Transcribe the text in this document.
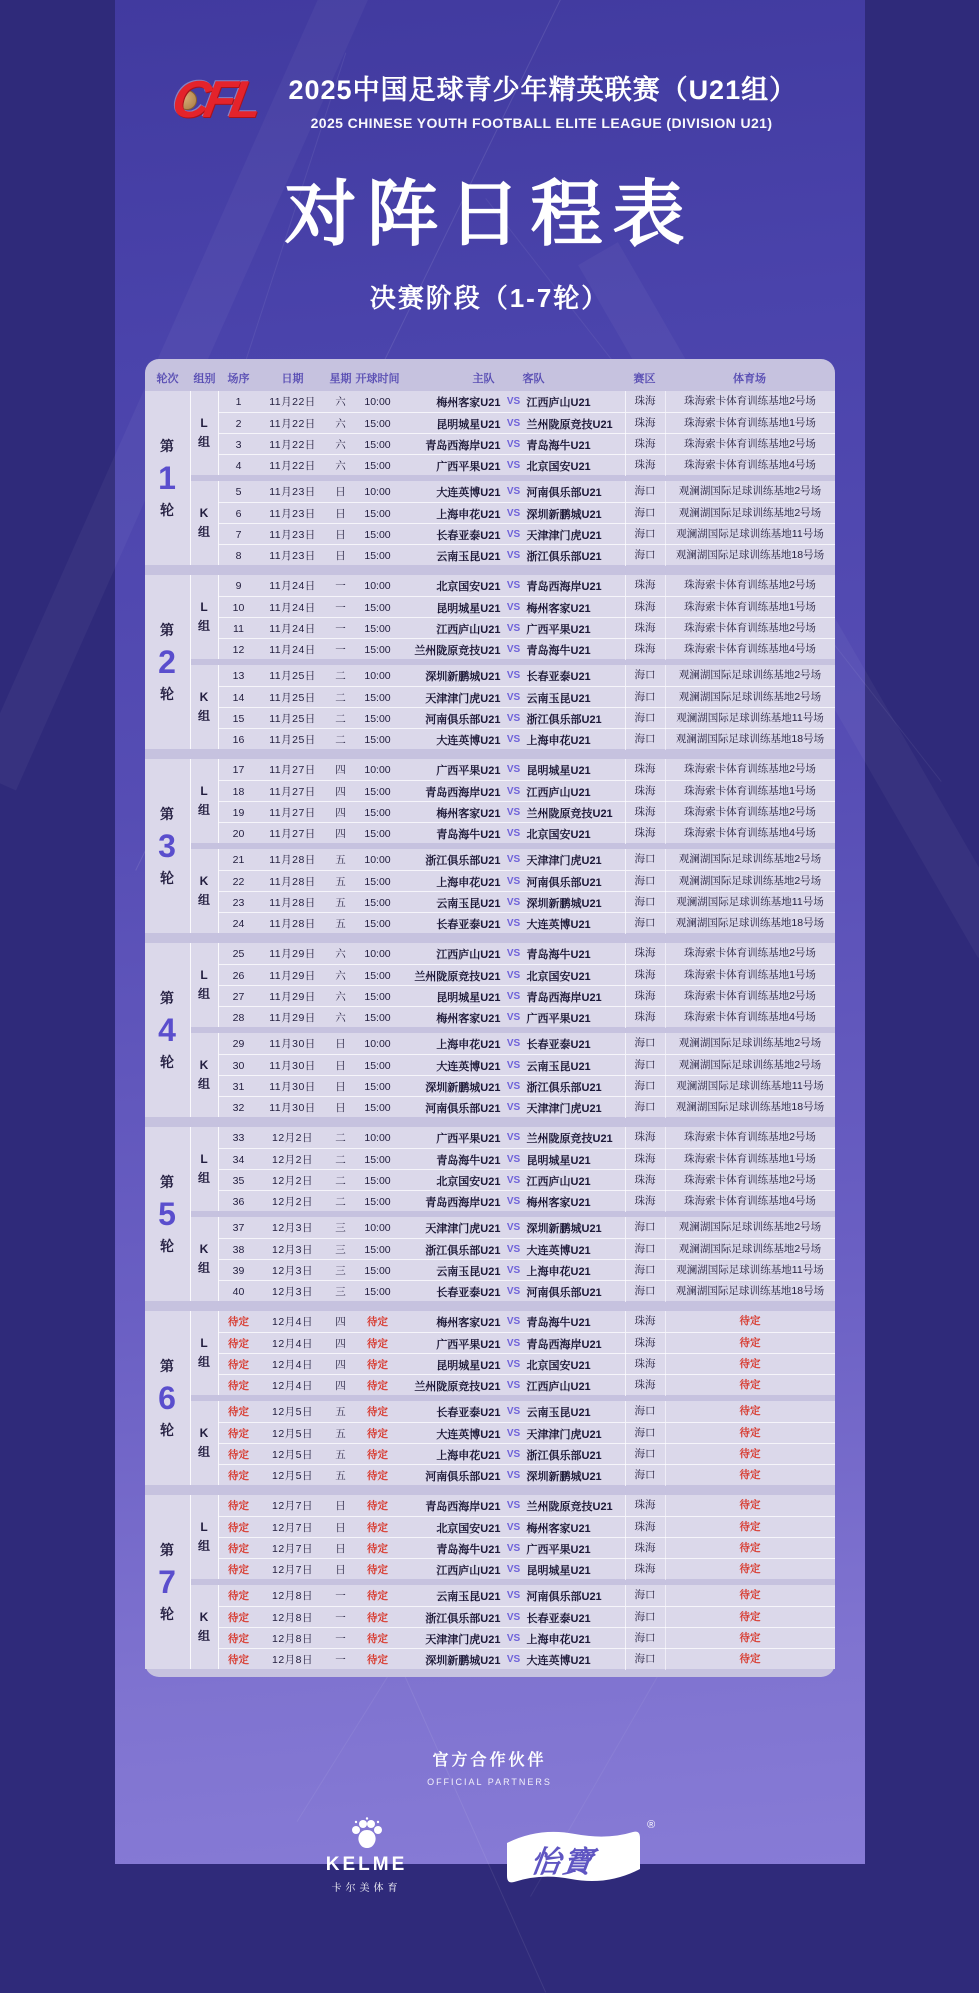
CFL 2025中国足球青少年精英联赛（U21组）
2025 CHINESE YOUTH FOOTBALL ELITE LEAGUE (DIVISION U21)
对阵日程表
决赛阶段（1-7轮）
轮次	组别	场序	日期	星期 开球时间	主队	客队	赛区	体育场
第
1
轮
L
组
1	11月22日	六	10:00	梅州客家U21 VS 江西庐山U21	珠海	珠海索卡体育训练基地2号场
2	11月22日	六	15:00	昆明城星U21 VS 兰州陇原竞技U21	珠海	珠海索卡体育训练基地1号场
3	11月22日	六	15:00	青岛西海岸U21 VS 青岛海牛U21	珠海	珠海索卡体育训练基地2号场
4	11月22日	六	15:00	广西平果U21 VS 北京国安U21	珠海	珠海索卡体育训练基地4号场
K
组
5	11月23日	日	10:00	大连英博U21 VS 河南俱乐部U21	海口	观澜湖国际足球训练基地2号场
6	11月23日	日	15:00	上海申花U21 VS 深圳新鹏城U21	海口	观澜湖国际足球训练基地2号场
7	11月23日	日	15:00	长春亚泰U21 VS 天津津门虎U21	海口	观澜湖国际足球训练基地11号场
8	11月23日	日	15:00	云南玉昆U21 VS 浙江俱乐部U21	海口	观澜湖国际足球训练基地18号场
第
2
轮
L
组
9	11月24日	一	10:00	北京国安U21 VS 青岛西海岸U21	珠海	珠海索卡体育训练基地2号场
10	11月24日	一	15:00	昆明城星U21 VS 梅州客家U21	珠海	珠海索卡体育训练基地1号场
11	11月24日	一	15:00	江西庐山U21 VS 广西平果U21	珠海	珠海索卡体育训练基地2号场
12	11月24日	一	15:00	兰州陇原竞技U21 VS 青岛海牛U21	珠海	珠海索卡体育训练基地4号场
K
组
13	11月25日	二	10:00	深圳新鹏城U21 VS 长春亚泰U21	海口	观澜湖国际足球训练基地2号场
14	11月25日	二	15:00	天津津门虎U21 VS 云南玉昆U21	海口	观澜湖国际足球训练基地2号场
15	11月25日	二	15:00	河南俱乐部U21 VS 浙江俱乐部U21	海口	观澜湖国际足球训练基地11号场
16	11月25日	二	15:00	大连英博U21 VS 上海申花U21	海口	观澜湖国际足球训练基地18号场
第
3
轮
L
组
17	11月27日	四	10:00	广西平果U21 VS 昆明城星U21	珠海	珠海索卡体育训练基地2号场
18	11月27日	四	15:00	青岛西海岸U21 VS 江西庐山U21	珠海	珠海索卡体育训练基地1号场
19	11月27日	四	15:00	梅州客家U21 VS 兰州陇原竞技U21	珠海	珠海索卡体育训练基地2号场
20	11月27日	四	15:00	青岛海牛U21 VS 北京国安U21	珠海	珠海索卡体育训练基地4号场
K
组
21	11月28日	五	10:00	浙江俱乐部U21 VS 天津津门虎U21	海口	观澜湖国际足球训练基地2号场
22	11月28日	五	15:00	上海申花U21 VS 河南俱乐部U21	海口	观澜湖国际足球训练基地2号场
23	11月28日	五	15:00	云南玉昆U21 VS 深圳新鹏城U21	海口	观澜湖国际足球训练基地11号场
24	11月28日	五	15:00	长春亚泰U21 VS 大连英博U21	海口	观澜湖国际足球训练基地18号场
第
4
轮
L
组
25	11月29日	六	10:00	江西庐山U21 VS 青岛海牛U21	珠海	珠海索卡体育训练基地2号场
26	11月29日	六	15:00	兰州陇原竞技U21 VS 北京国安U21	珠海	珠海索卡体育训练基地1号场
27	11月29日	六	15:00	昆明城星U21 VS 青岛西海岸U21	珠海	珠海索卡体育训练基地2号场
28	11月29日	六	15:00	梅州客家U21 VS 广西平果U21	珠海	珠海索卡体育训练基地4号场
K
组
29	11月30日	日	10:00	上海申花U21 VS 长春亚泰U21	海口	观澜湖国际足球训练基地2号场
30	11月30日	日	15:00	大连英博U21 VS 云南玉昆U21	海口	观澜湖国际足球训练基地2号场
31	11月30日	日	15:00	深圳新鹏城U21 VS 浙江俱乐部U21	海口	观澜湖国际足球训练基地11号场
32	11月30日	日	15:00	河南俱乐部U21 VS 天津津门虎U21	海口	观澜湖国际足球训练基地18号场
第
5
轮
L
组
33	12月2日	二	10:00	广西平果U21 VS 兰州陇原竞技U21	珠海	珠海索卡体育训练基地2号场
34	12月2日	二	15:00	青岛海牛U21 VS 昆明城星U21	珠海	珠海索卡体育训练基地1号场
35	12月2日	二	15:00	北京国安U21 VS 江西庐山U21	珠海	珠海索卡体育训练基地2号场
36	12月2日	二	15:00	青岛西海岸U21 VS 梅州客家U21	珠海	珠海索卡体育训练基地4号场
K
组
37	12月3日	三	10:00	天津津门虎U21 VS 深圳新鹏城U21	海口	观澜湖国际足球训练基地2号场
38	12月3日	三	15:00	浙江俱乐部U21 VS 大连英博U21	海口	观澜湖国际足球训练基地2号场
39	12月3日	三	15:00	云南玉昆U21 VS 上海申花U21	海口	观澜湖国际足球训练基地11号场
40	12月3日	三	15:00	长春亚泰U21 VS 河南俱乐部U21	海口	观澜湖国际足球训练基地18号场
第
6
轮
L
组
待定	12月4日	四	待定	梅州客家U21 VS 青岛海牛U21	珠海	待定
待定	12月4日	四	待定	广西平果U21 VS 青岛西海岸U21	珠海	待定
待定	12月4日	四	待定	昆明城星U21 VS 北京国安U21	珠海	待定
待定	12月4日	四	待定	兰州陇原竞技U21 VS 江西庐山U21	珠海	待定
K
组
待定	12月5日	五	待定	长春亚泰U21 VS 云南玉昆U21	海口	待定
待定	12月5日	五	待定	大连英博U21 VS 天津津门虎U21	海口	待定
待定	12月5日	五	待定	上海申花U21 VS 浙江俱乐部U21	海口	待定
待定	12月5日	五	待定	河南俱乐部U21 VS 深圳新鹏城U21	海口	待定
第
7
轮
L
组
待定	12月7日	日	待定	青岛西海岸U21 VS 兰州陇原竞技U21	珠海	待定
待定	12月7日	日	待定	北京国安U21 VS 梅州客家U21	珠海	待定
待定	12月7日	日	待定	青岛海牛U21 VS 广西平果U21	珠海	待定
待定	12月7日	日	待定	江西庐山U21 VS 昆明城星U21	珠海	待定
K
组
待定	12月8日	一	待定	云南玉昆U21 VS 河南俱乐部U21	海口	待定
待定	12月8日	一	待定	浙江俱乐部U21 VS 长春亚泰U21	海口	待定
待定	12月8日	一	待定	天津津门虎U21 VS 上海申花U21	海口	待定
待定	12月8日	一	待定	深圳新鹏城U21 VS 大连英博U21	海口	待定
官方合作伙伴
OFFICIAL PARTNERS
KELME
卡尔美体育
®
怡寶
